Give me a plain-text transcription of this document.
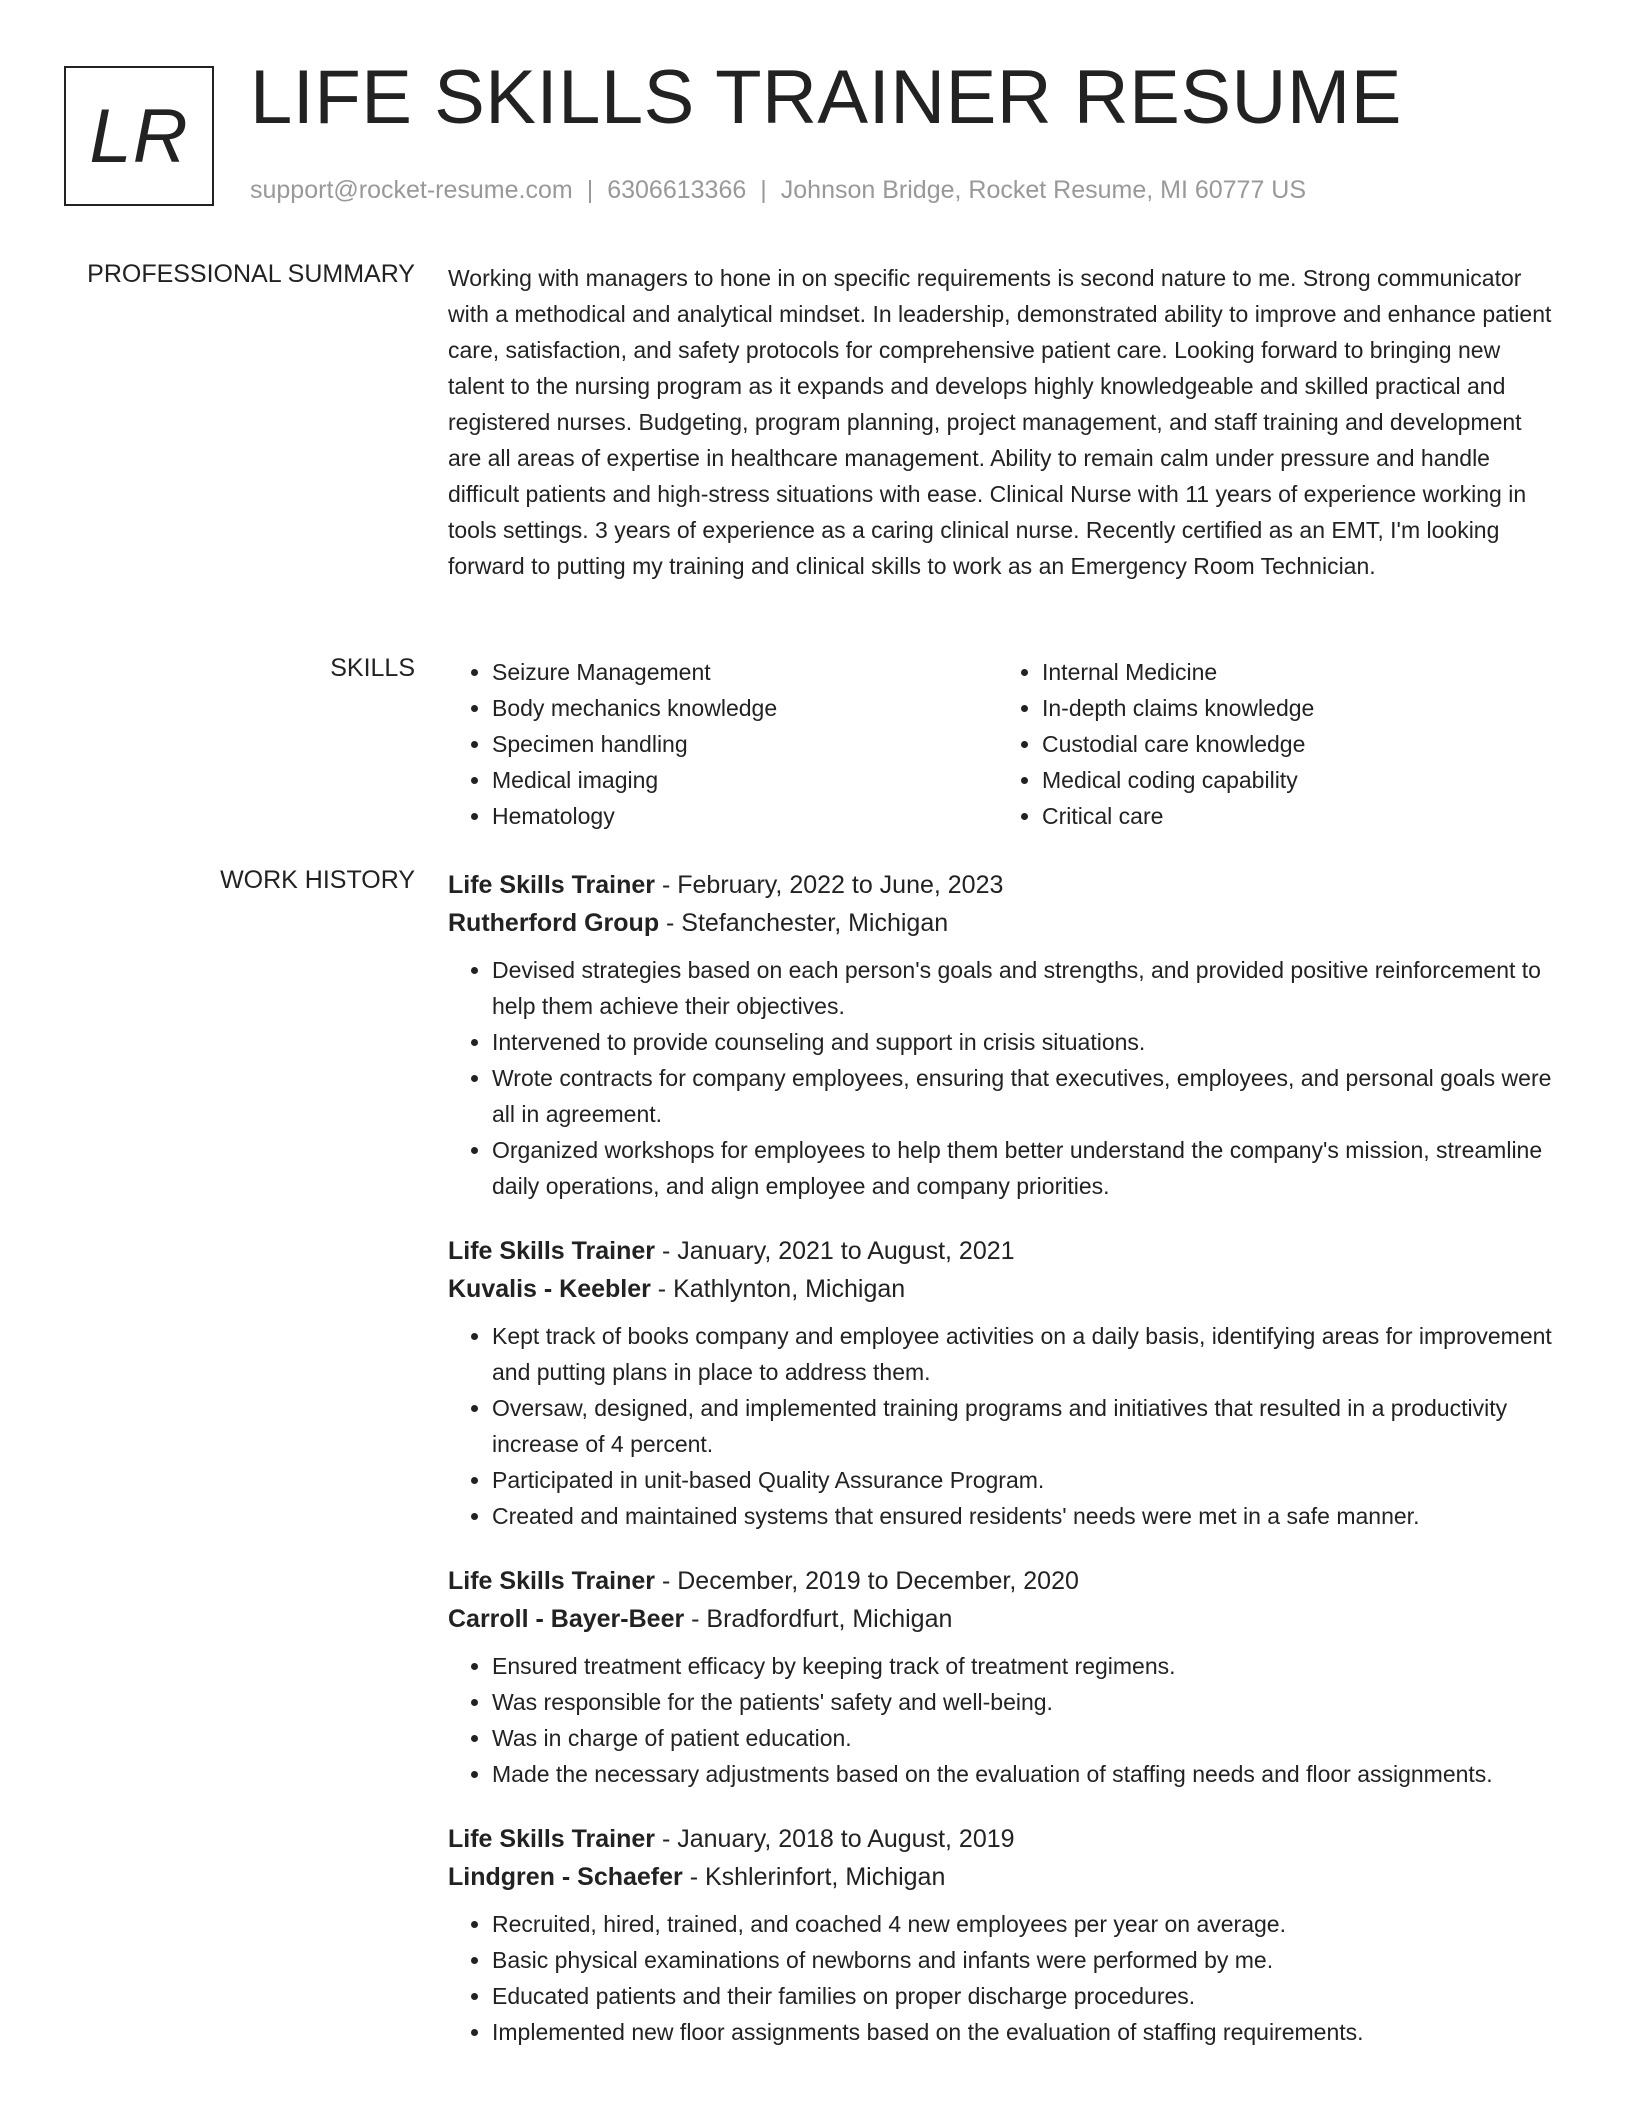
LR LIFE SKILLS TRAINER RESUME
support@rocket-resume.com | 6306613366 | Johnson Bridge, Rocket Resume, MI 60777 US
PROFESSIONAL SUMMARY Working with managers to hone in on specific requirements is second nature to me. Strong communicator with a methodical and analytical mindset. In leadership, demonstrated ability to improve and enhance patient care, satisfaction, and safety protocols for comprehensive patient care. Looking forward to bringing new talent to the nursing program as it expands and develops highly knowledgeable and skilled practical and registered nurses. Budgeting, program planning, project management, and staff training and development are all areas of expertise in healthcare management. Ability to remain calm under pressure and handle difficult patients and high-stress situations with ease. Clinical Nurse with 11 years of experience working in tools settings. 3 years of experience as a caring clinical nurse. Recently certified as an EMT, I'm looking forward to putting my training and clinical skills to work as an Emergency Room Technician.

SKILLS
•	Seizure Management
• Body mechanics knowledge
• Specimen handling
• Medical imaging
• Hematology
• Internal Medicine
• In-depth claims knowledge
• Custodial care knowledge
• Medical coding capability
• Critical care
WORK HISTORY Life Skills Trainer - February, 2022 to June, 2023
Rutherford Group - Stefanchester, Michigan
• Devised strategies based on each person's goals and strengths, and provided positive reinforcement to help them achieve their objectives.
• Intervened to provide counseling and support in crisis situations.
• Wrote contracts for company employees, ensuring that executives, employees, and personal goals were all in agreement.
• Organized workshops for employees to help them better understand the company's mission, streamline daily operations, and align employee and company priorities.
Life Skills Trainer - January, 2021 to August, 2021
Kuvalis - Keebler - Kathlynton, Michigan
• Kept track of books company and employee activities on a daily basis, identifying areas for improvement and putting plans in place to address them.
• Oversaw, designed, and implemented training programs and initiatives that resulted in a productivity increase of 4 percent.
• Participated in unit-based Quality Assurance Program.
• Created and maintained systems that ensured residents' needs were met in a safe manner.
Life Skills Trainer - December, 2019 to December, 2020
Carroll - Bayer-Beer - Bradfordfurt, Michigan
• Ensured treatment efficacy by keeping track of treatment regimens.
• Was responsible for the patients' safety and well-being.
• Was in charge of patient education.
• Made the necessary adjustments based on the evaluation of staffing needs and floor assignments.
Life Skills Trainer - January, 2018 to August, 2019
Lindgren - Schaefer - Kshlerinfort, Michigan
• Recruited, hired, trained, and coached 4 new employees per year on average.
• Basic physical examinations of newborns and infants were performed by me.
• Educated patients and their families on proper discharge procedures.
• Implemented new floor assignments based on the evaluation of staffing requirements.
